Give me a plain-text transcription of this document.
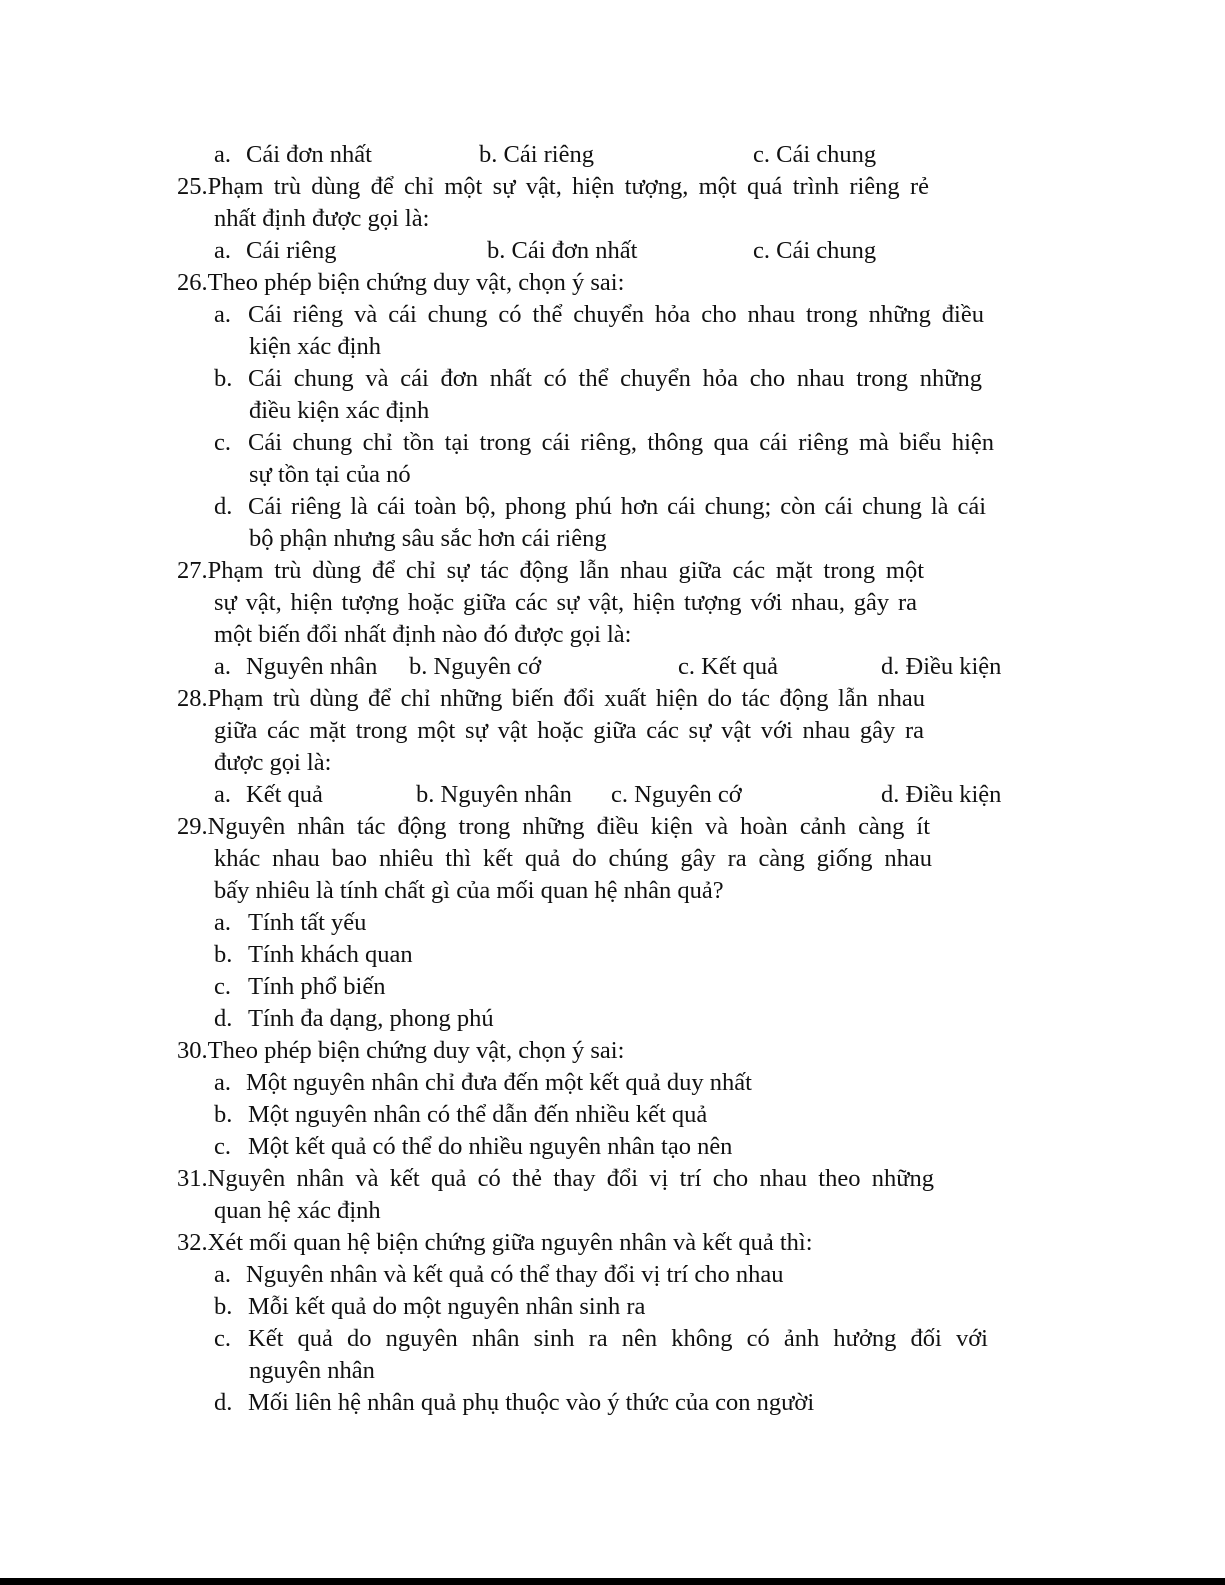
a. Cái đơn nhất	b. Cái riêng	c. Cái chung
25.Phạm trù dùng để chỉ một sự vật, hiện tượng, một quá trình riêng rẻ
nhất định được gọi là:
a. Cái riêng	b. Cái đơn nhất	c. Cái chung
26.Theo phép biện chứng duy vật, chọn ý sai:
a. Cái riêng và cái chung có thể chuyển hỏa cho nhau trong những điều
kiện xác định
b. Cái chung và cái đơn nhất có thể chuyển hỏa cho nhau trong những
điều kiện xác định
c. Cái chung chỉ tồn tại trong cái riêng, thông qua cái riêng mà biểu hiện
sự tồn tại của nó
d. Cái riêng là cái toàn bộ, phong phú hơn cái chung; còn cái chung là cái
bộ phận nhưng sâu sắc hơn cái riêng
27.Phạm trù dùng để chỉ sự tác động lẫn nhau giữa các mặt trong một
sự vật, hiện tượng hoặc giữa các sự vật, hiện tượng với nhau, gây ra
một biến đổi nhất định nào đó được gọi là:
a. Nguyên nhân b. Nguyên cớ	c. Kết quả	d. Điều kiện
28.Phạm trù dùng để chỉ những biến đổi xuất hiện do tác động lẫn nhau
giữa các mặt trong một sự vật hoặc giữa các sự vật với nhau gây ra
được gọi là:
a. Kết quả	b. Nguyên nhân c. Nguyên cớ	d. Điều kiện
29.Nguyên nhân tác động trong những điều kiện và hoàn cảnh càng ít
khác nhau bao nhiêu thì kết quả do chúng gây ra càng giống nhau
bấy nhiêu là tính chất gì của mối quan hệ nhân quả?
a. Tính tất yếu
b. Tính khách quan
c. Tính phổ biến
d. Tính đa dạng, phong phú
30.Theo phép biện chứng duy vật, chọn ý sai:
a. Một nguyên nhân chỉ đưa đến một kết quả duy nhất
b. Một nguyên nhân có thể dẫn đến nhiều kết quả
c. Một kết quả có thể do nhiều nguyên nhân tạo nên
31.Nguyên nhân và kết quả có thẻ thay đổi vị trí cho nhau theo những
quan hệ xác định
32.Xét mối quan hệ biện chứng giữa nguyên nhân và kết quả thì:
a. Nguyên nhân và kết quả có thể thay đổi vị trí cho nhau
b. Mỗi kết quả do một nguyên nhân sinh ra
c. Kết quả do nguyên nhân sinh ra nên không có ảnh hưởng đối với
nguyên nhân
d. Mối liên hệ nhân quả phụ thuộc vào ý thức của con người
